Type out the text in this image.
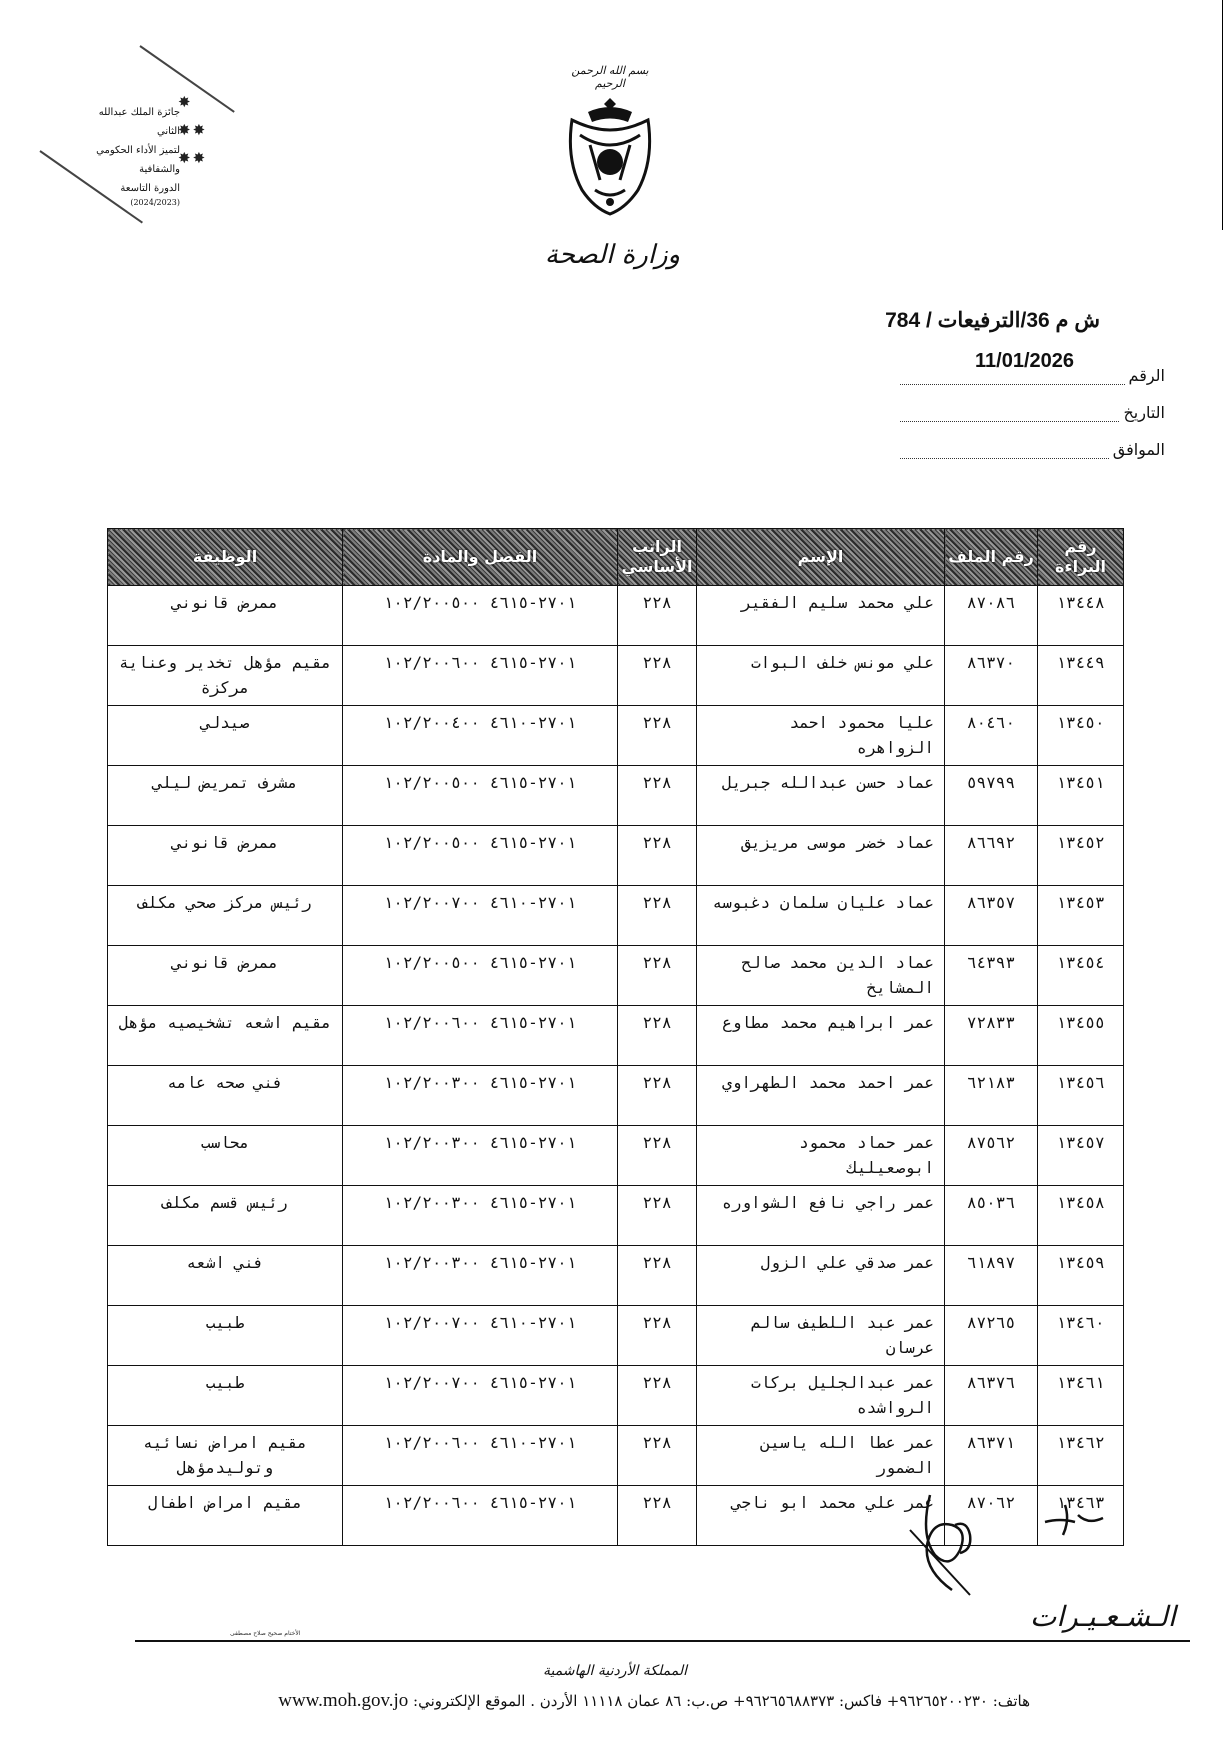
جائزة الملك عبدالله الثاني
لتميز الأداء الحكومي والشفافية
الدورة التاسعة
(2024/2023)
✸
✸✸
✸✸
بسم الله الرحمن الرحيم
وزارة الصحة
ش م 36/الترفيعات / 784
11/01/2026
الرقم
التاريخ
الموافق
رقم البراءة	رقم الملف	الإسم	الراتب الأساسي	الفصل والمادة	الوظيفة
١٣٤٤٨	٨٧٠٨٦	علي محمد سليم الفقير	٢٢٨	٢٧٠١-٤٦١٥ ١٠٢/٢٠٠٥٠٠	ممرض قانوني
١٣٤٤٩	٨٦٣٧٠	علي مونس خلف البوات	٢٢٨	٢٧٠١-٤٦١٥ ١٠٢/٢٠٠٦٠٠	مقيم مؤهل تخدير وعناية مركزة
١٣٤٥٠	٨٠٤٦٠	عليا محمود احمد الزواهره	٢٢٨	٢٧٠١-٤٦١٠ ١٠٢/٢٠٠٤٠٠	صيدلي
١٣٤٥١	٥٩٧٩٩	عماد حسن عبدالله جبريل	٢٢٨	٢٧٠١-٤٦١٥ ١٠٢/٢٠٠٥٠٠	مشرف تمريض ليلي
١٣٤٥٢	٨٦٦٩٢	عماد خضر موسى مريزيق	٢٢٨	٢٧٠١-٤٦١٥ ١٠٢/٢٠٠٥٠٠	ممرض قانوني
١٣٤٥٣	٨٦٣٥٧	عماد عليان سلمان دغبوسه	٢٢٨	٢٧٠١-٤٦١٠ ١٠٢/٢٠٠٧٠٠	رئيس مركز صحي مكلف
١٣٤٥٤	٦٤٣٩٣	عماد الدين محمد صالح المشايخ	٢٢٨	٢٧٠١-٤٦١٥ ١٠٢/٢٠٠٥٠٠	ممرض قانوني
١٣٤٥٥	٧٢٨٣٣	عمر ابراهيم محمد مطاوع	٢٢٨	٢٧٠١-٤٦١٥ ١٠٢/٢٠٠٦٠٠	مقيم اشعه تشخيصيه مؤهل
١٣٤٥٦	٦٢١٨٣	عمر احمد محمد الطهراوي	٢٢٨	٢٧٠١-٤٦١٥ ١٠٢/٢٠٠٣٠٠	فني صحه عامه
١٣٤٥٧	٨٧٥٦٢	عمر حماد محمود ابوصعيليك	٢٢٨	٢٧٠١-٤٦١٥ ١٠٢/٢٠٠٣٠٠	محاسب
١٣٤٥٨	٨٥٠٣٦	عمر راجي نافع الشواوره	٢٢٨	٢٧٠١-٤٦١٥ ١٠٢/٢٠٠٣٠٠	رئيس قسم مكلف
١٣٤٥٩	٦١٨٩٧	عمر صدقي علي الزول	٢٢٨	٢٧٠١-٤٦١٥ ١٠٢/٢٠٠٣٠٠	فني اشعه
١٣٤٦٠	٨٧٢٦٥	عمر عبد اللطيف سالم عرسان	٢٢٨	٢٧٠١-٤٦١٠ ١٠٢/٢٠٠٧٠٠	طبيب
١٣٤٦١	٨٦٣٧٦	عمر عبدالجليل بركات الرواشده	٢٢٨	٢٧٠١-٤٦١٥ ١٠٢/٢٠٠٧٠٠	طبيب
١٣٤٦٢	٨٦٣٧١	عمر عطا الله ياسين الضمور	٢٢٨	٢٧٠١-٤٦١٠ ١٠٢/٢٠٠٦٠٠	مقيم امراض نسائيه وتوليدمؤهل
١٣٤٦٣	٨٧٠٦٢	عمر علي محمد ابو ناجي	٢٢٨	٢٧٠١-٤٦١٥ ١٠٢/٢٠٠٦٠٠	مقيم امراض اطفال
الـشـعـيـرات
الأختام صحيح صلاح مصطفى
المملكة الأردنية الهاشمية
هاتف: ٩٦٢٦٥٢٠٠٢٣٠+ فاكس: ٩٦٢٦٥٦٨٨٣٧٣+ ص.ب: ٨٦ عمان ١١١١٨ الأردن . الموقع الإلكتروني: www.moh.gov.jo
